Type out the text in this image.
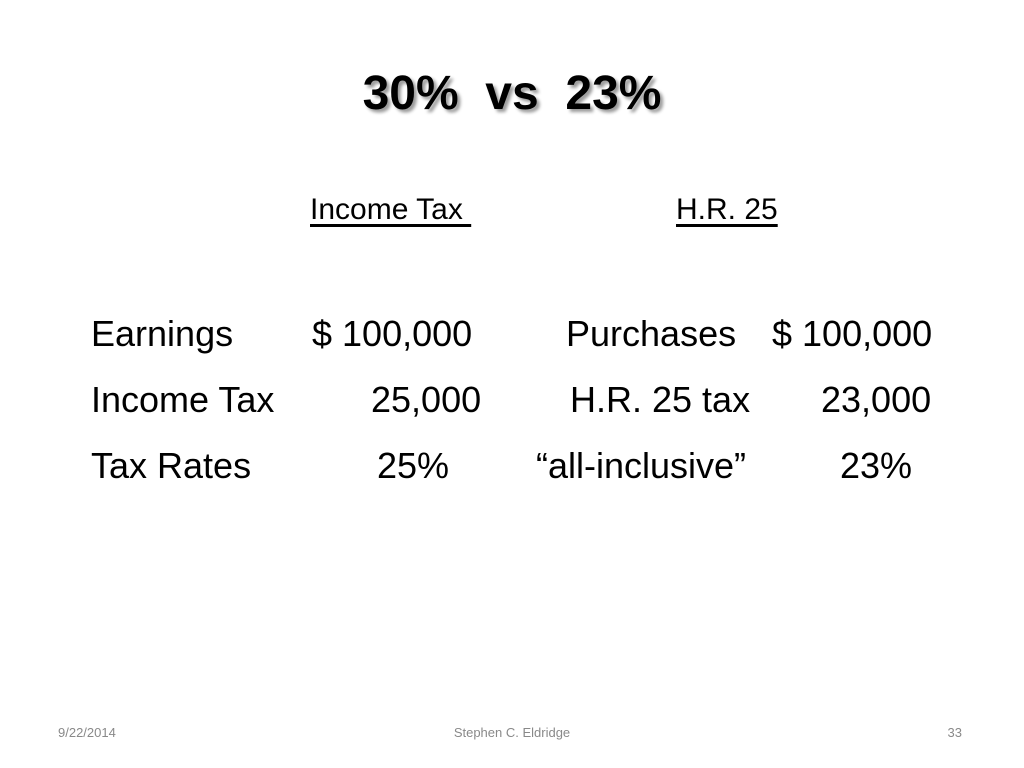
30%  vs  23%
Income Tax	H.R. 25
Earnings $ 100,000	Purchases $ 100,000
Income Tax	25,000 H.R. 25 tax 23,000
Tax Rates	25% “all-inclusive”	23%
9/22/2014	Stephen C. Eldridge	33
